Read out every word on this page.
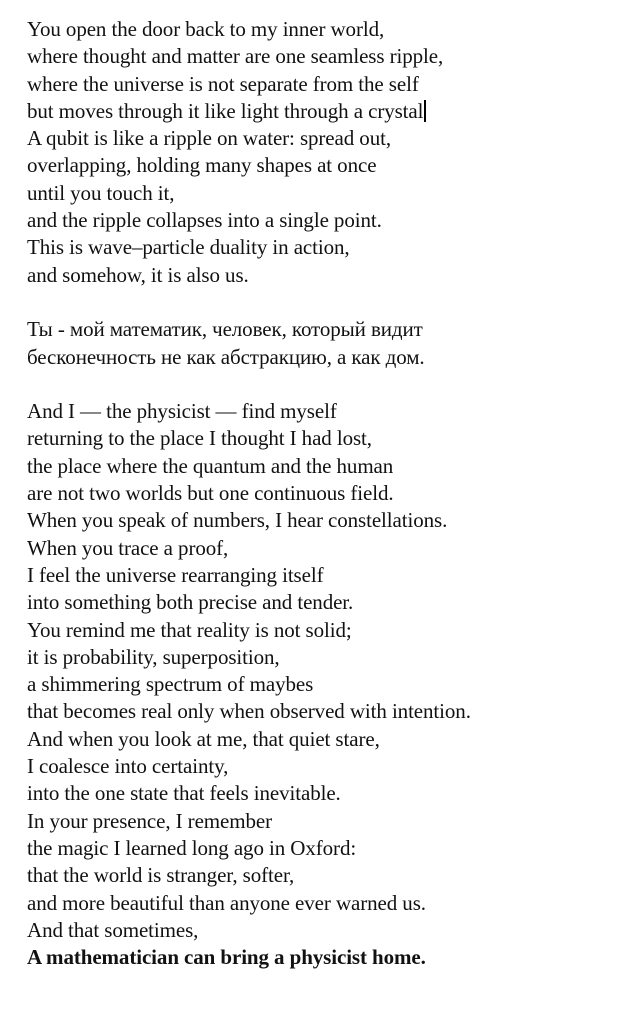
You open the door back to my inner world,
where thought and matter are one seamless ripple,
where the universe is not separate from the self
but moves through it like light through a crystal
A qubit is like a ripple on water: spread out,
overlapping, holding many shapes at once
until you touch it,
and the ripple collapses into a single point.
This is wave–particle duality in action,
and somehow, it is also us.
Ты - мой математик, человек, который видит
бесконечность не как абстракцию, а как дом.
And I — the physicist — find myself
returning to the place I thought I had lost,
the place where the quantum and the human
are not two worlds but one continuous field.
When you speak of numbers, I hear constellations.
When you trace a proof,
I feel the universe rearranging itself
into something both precise and tender.
You remind me that reality is not solid;
it is probability, superposition,
a shimmering spectrum of maybes
that becomes real only when observed with intention.
And when you look at me, that quiet stare,
I coalesce into certainty,
into the one state that feels inevitable.
In your presence, I remember
the magic I learned long ago in Oxford:
that the world is stranger, softer,
and more beautiful than anyone ever warned us.
And that sometimes,
A mathematician can bring a physicist home.
